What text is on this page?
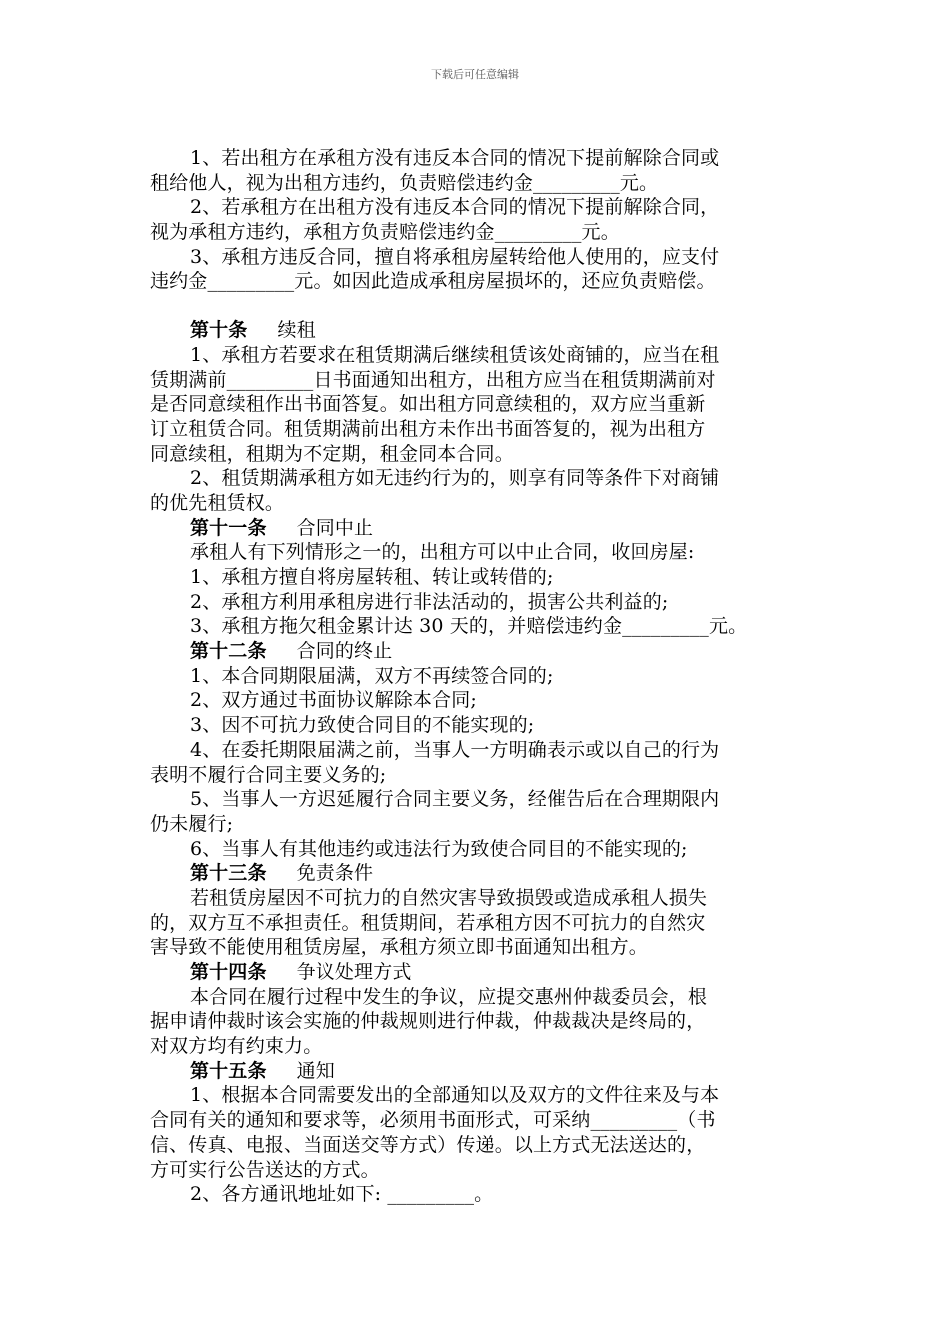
下载后可任意编辑
1、若出租方在承租方没有违反本合同的情况下提前解除合同或
租给他人，视为出租方违约，负责赔偿违约金_________元。
2、若承租方在出租方没有违反本合同的情况下提前解除合同，
视为承租方违约，承租方负责赔偿违约金_________元。
3、承租方违反合同，擅自将承租房屋转给他人使用的，应支付
违约金_________元。如因此造成承租房屋损坏的，还应负责赔偿。
第十条 续租
1、承租方若要求在租赁期满后继续租赁该处商铺的，应当在租
赁期满前_________日书面通知出租方，出租方应当在租赁期满前对
是否同意续租作出书面答复。如出租方同意续租的，双方应当重新
订立租赁合同。租赁期满前出租方未作出书面答复的，视为出租方
同意续租，租期为不定期，租金同本合同。
2、租赁期满承租方如无违约行为的，则享有同等条件下对商铺
的优先租赁权。
第十一条 合同中止
承租人有下列情形之一的，出租方可以中止合同，收回房屋:
1、承租方擅自将房屋转租、转让或转借的;
2、承租方利用承租房进行非法活动的，损害公共利益的;
3、承租方拖欠租金累计达 30 天的，并赔偿违约金_________元。
第十二条 合同的终止
1、本合同期限届满，双方不再续签合同的;
2、双方通过书面协议解除本合同;
3、因不可抗力致使合同目的不能实现的;
4、在委托期限届满之前，当事人一方明确表示或以自己的行为
表明不履行合同主要义务的;
5、当事人一方迟延履行合同主要义务，经催告后在合理期限内
仍未履行;
6、当事人有其他违约或违法行为致使合同目的不能实现的;
第十三条 免责条件
若租赁房屋因不可抗力的自然灾害导致损毁或造成承租人损失
的，双方互不承担责任。租赁期间，若承租方因不可抗力的自然灾
害导致不能使用租赁房屋，承租方须立即书面通知出租方。
第十四条 争议处理方式
本合同在履行过程中发生的争议，应提交惠州仲裁委员会，根
据申请仲裁时该会实施的仲裁规则进行仲裁，仲裁裁决是终局的，
对双方均有约束力。
第十五条 通知
1、根据本合同需要发出的全部通知以及双方的文件往来及与本
合同有关的通知和要求等，必须用书面形式，可采纳_________（书
信、传真、电报、当面送交等方式）传递。以上方式无法送达的，
方可实行公告送达的方式。
2、各方通讯地址如下: _________。
